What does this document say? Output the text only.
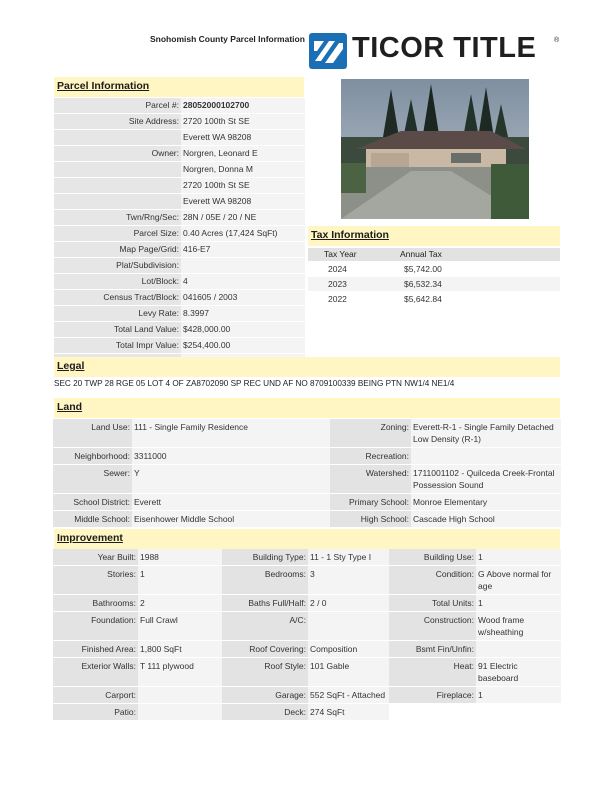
Snohomish County Parcel Information TICOR TITLE	®
Parcel Information
Parcel #:	28052000102700
Site Address:	2720 100th St SE
	Everett WA 98208
Owner:	Norgren, Leonard E
	Norgren, Donna M
	2720 100th St SE
	Everett WA 98208
Twn/Rng/Sec:	28N / 05E / 20 / NE
Parcel Size:	0.40 Acres (17,424 SqFt)
Map Page/Grid:	416-E7
Plat/Subdivision:	
Lot/Block:	4
Census Tract/Block:	041605 / 2003
Levy Rate:	8.3997
Total Land Value:	$428,000.00
Total Impr Value:	$254,400.00

Tax Information
Tax Year	Annual Tax
2024	$5,742.00
2023	$6,532.34
2022	$5,642.84
Legal
SEC 20 TWP 28 RGE 05 LOT 4 OF ZA8702090 SP REC UND AF NO 8709100339 BEING PTN NW1/4 NE1/4
Land
Land Use:	111 - Single Family Residence	Zoning:	Everett-R-1 - Single Family Detached
Low Density (R-1)

Neighborhood:	3311000	Recreation:	

Sewer:	Y	Watershed:	1711001102 - Quilceda Creek-Frontal
Possession Sound

School District:	Everett	Primary School:	Monroe Elementary

Middle School:	Eisenhower Middle School	High School:	Cascade High School
Improvement
Year Built:	1988	Building Type:	11 - 1 Sty Type I	Building Use:	1

Stories:	1	Bedrooms:	3	Condition:	G Above normal for
age

Bathrooms:	2	Baths Full/Half:	2 / 0	Total Units:	1

Foundation:	Full Crawl	A/C:		Construction:	Wood frame
w/sheathing

Finished Area:	1,800 SqFt	Roof Covering:	Composition	Bsmt Fin/Unfin:	

Exterior Walls:	T 111 plywood	Roof Style:	101 Gable	Heat:	91 Electric
baseboard

Carport:		Garage:	552 SqFt - Attached	Fireplace:	1

Patio:		Deck:	274 SqFt		
